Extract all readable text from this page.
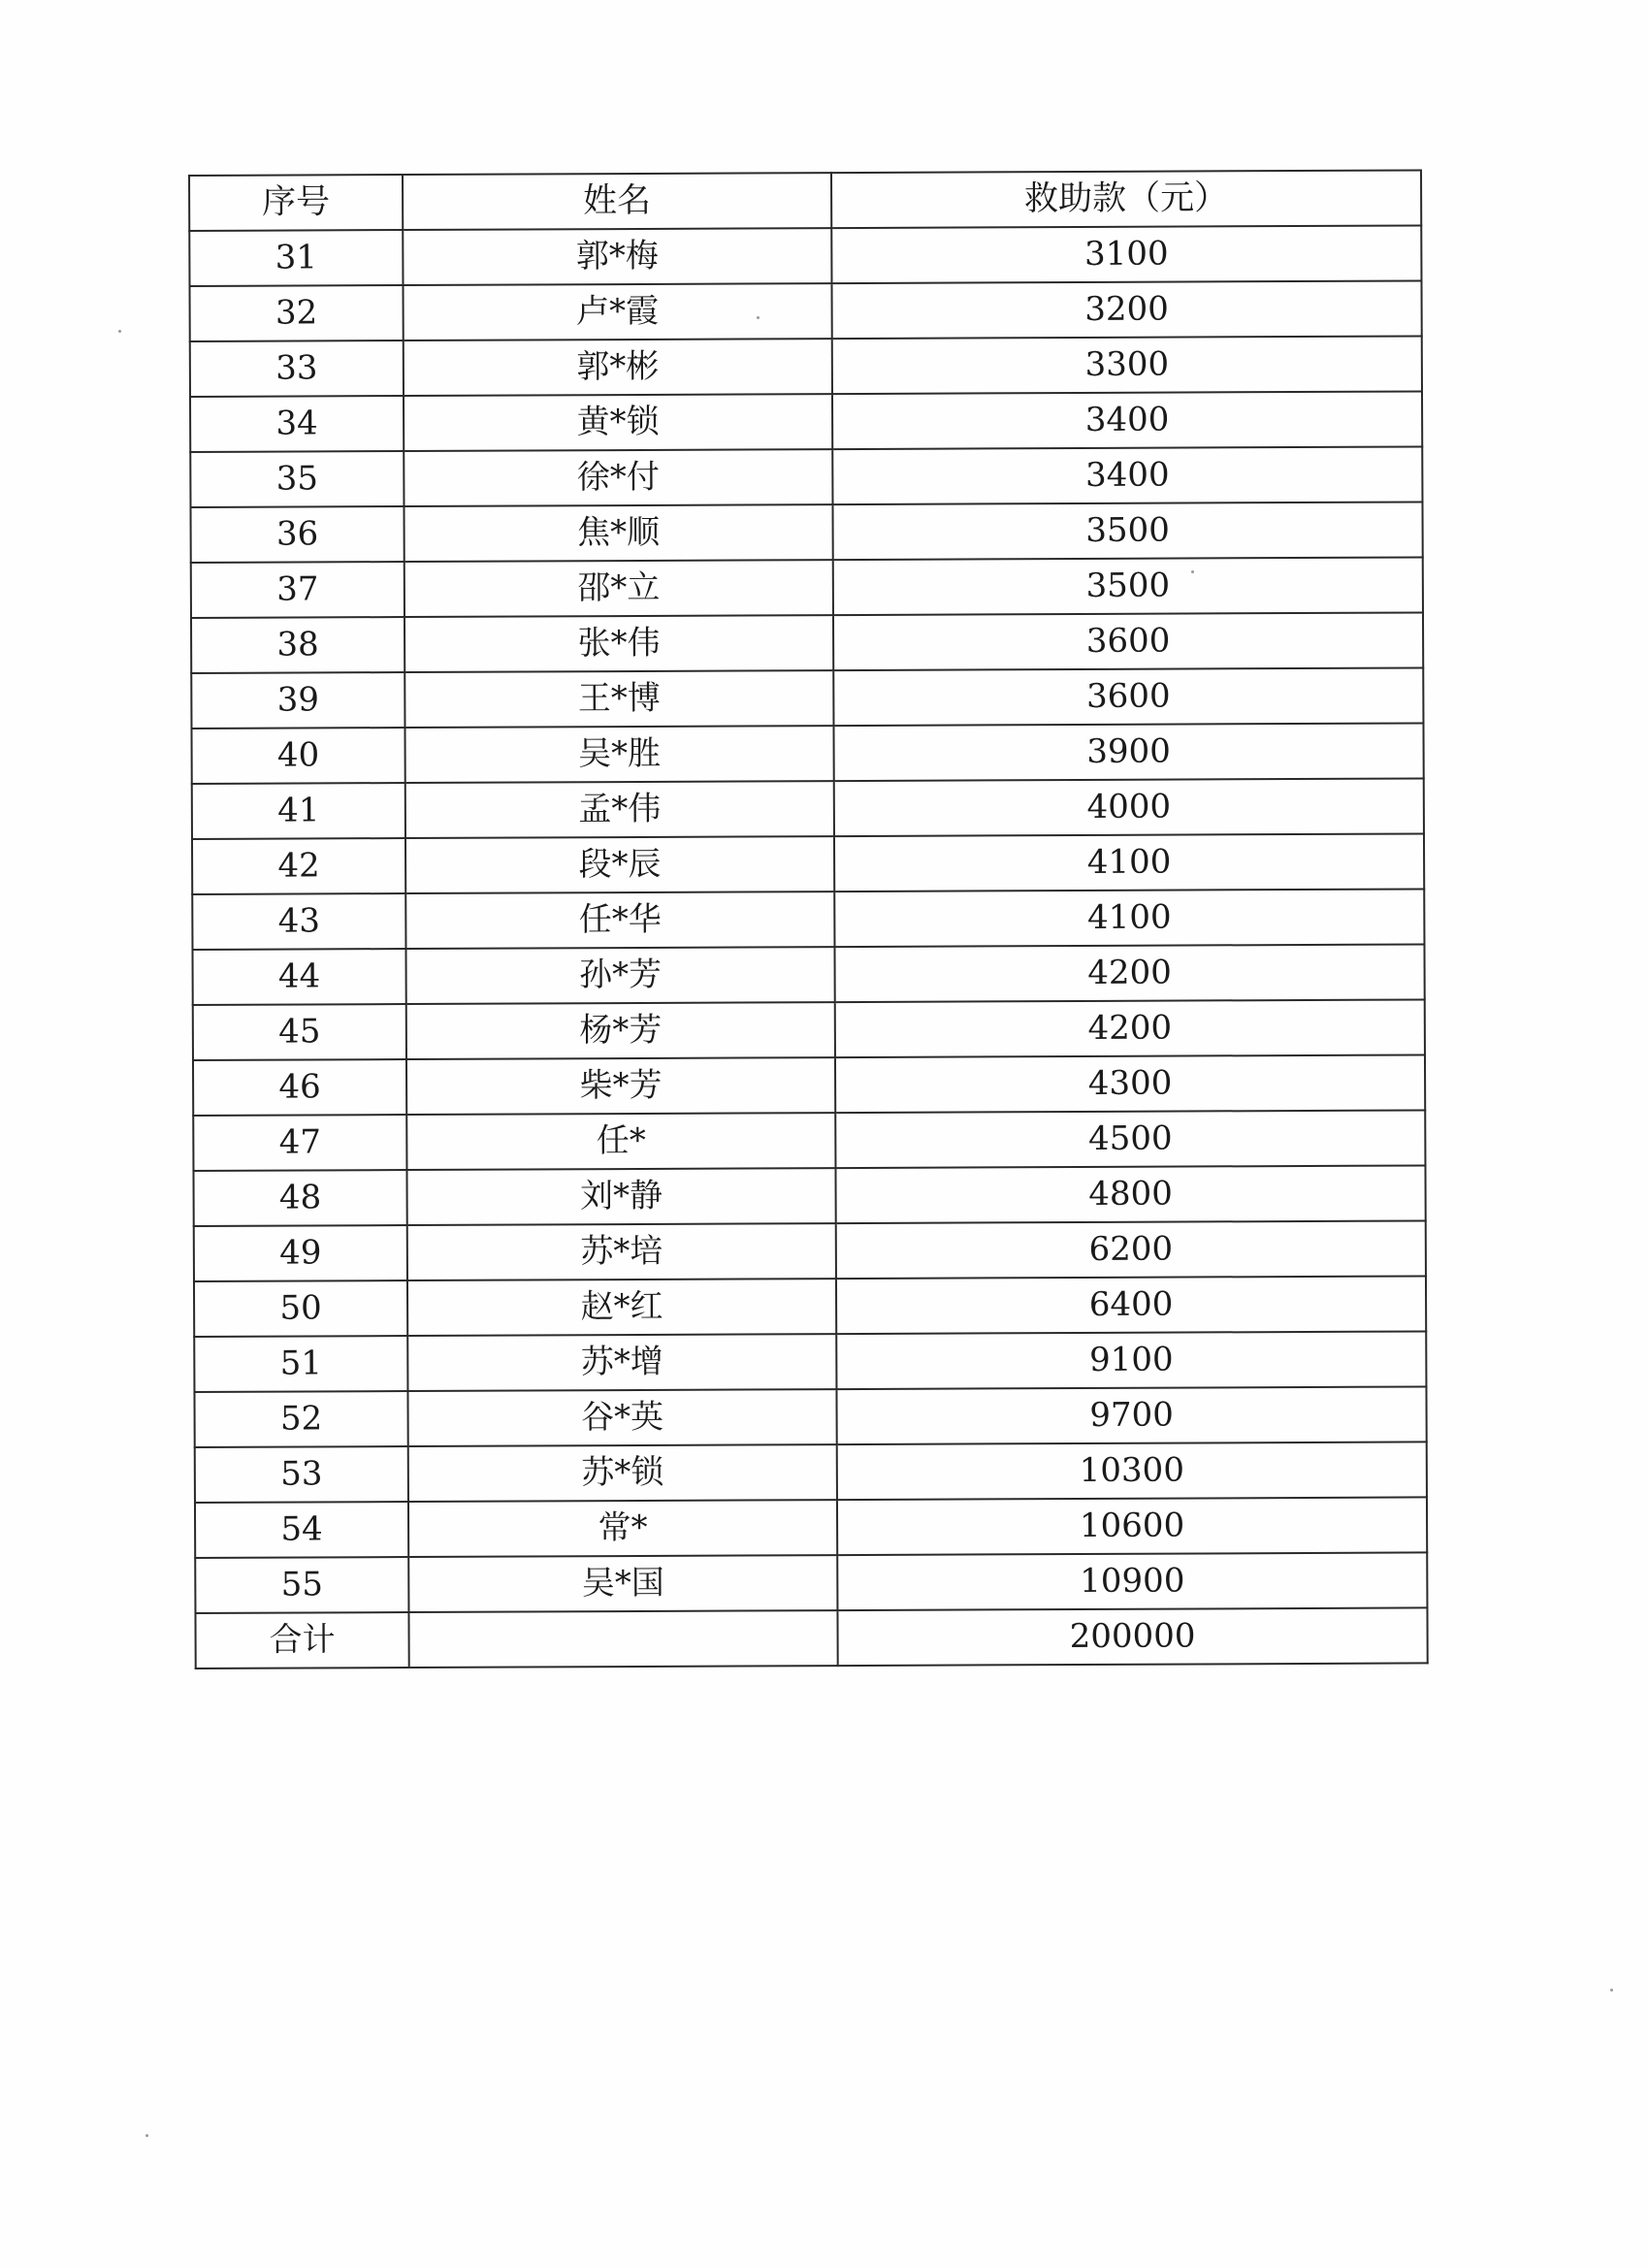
序号	姓名	救助款（元）
31	郭*梅	3100
32	卢*霞	3200
33	郭*彬	3300
34	黄*锁	3400
35	徐*付	3400
36	焦*顺	3500
37	邵*立	3500
38	张*伟	3600
39	王*博	3600
40	吴*胜	3900
41	孟*伟	4000
42	段*辰	4100
43	任*华	4100
44	孙*芳	4200
45	杨*芳	4200
46	柴*芳	4300
47	任*	4500
48	刘*静	4800
49	苏*培	6200
50	赵*红	6400
51	苏*增	9100
52	谷*英	9700
53	苏*锁	10300
54	常*	10600
55	吴*国	10900
合计		200000
